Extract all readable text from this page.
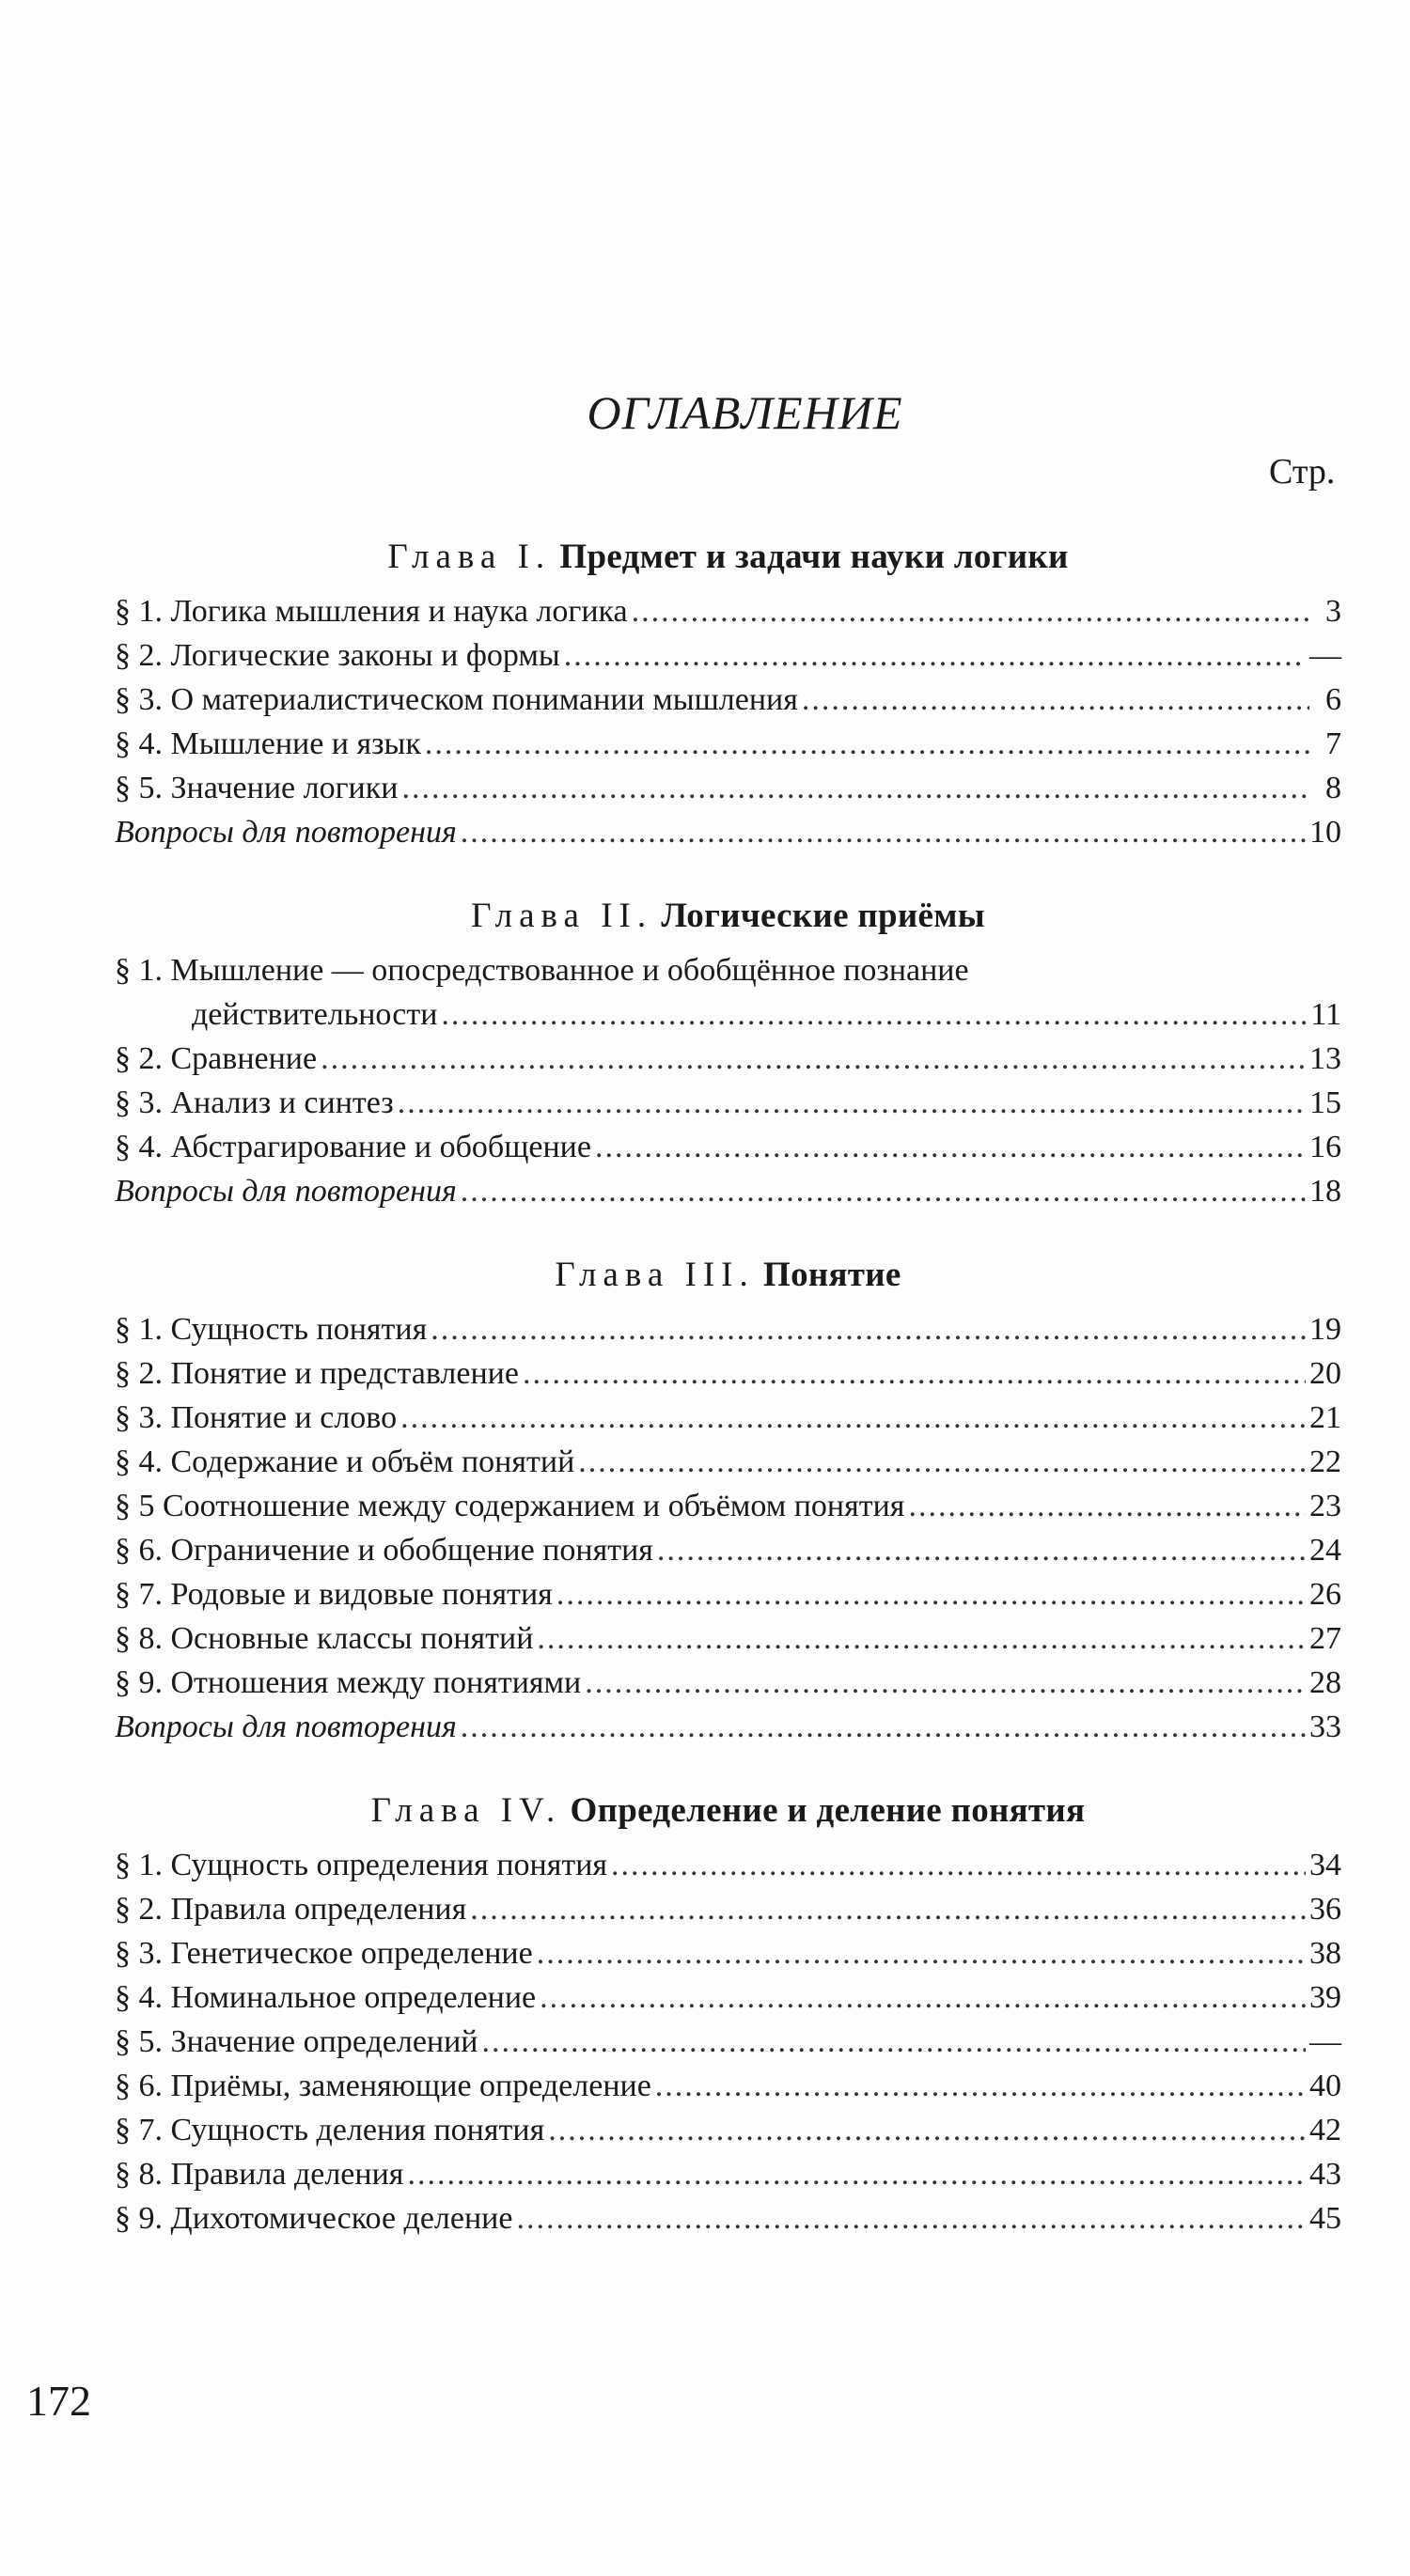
ОГЛАВЛЕНИЕ
Стр.
Глава I. Предмет и задачи науки логики
§ 1. Логика мышления и наука логика .....	3
§ 2. Логические законы и формы .....	—
§ 3. О материалистическом понимании мышления .....	6
§ 4. Мышление и язык .....	7
§ 5. Значение логики .....	8
Вопросы для повторения .....	10
Глава II. Логические приёмы
§ 1. Мышление — опосредствованное и обобщённое познание
действительности .....	11
§ 2. Сравнение .....	13
§ 3. Анализ и синтез .....	15
§ 4. Абстрагирование и обобщение .....	16
Вопросы для повторения .....	18
Глава III. Понятие
§ 1. Сущность понятия .....	19
§ 2. Понятие и представление .....	20
§ 3. Понятие и слово .....	21
§ 4. Содержание и объём понятий .....	22
§ 5 Соотношение между содержанием и объёмом понятия .....	23
§ 6. Ограничение и обобщение понятия .....	24
§ 7. Родовые и видовые понятия .....	26
§ 8. Основные классы понятий .....	27
§ 9. Отношения между понятиями .....	28
Вопросы для повторения .....	33
Глава IV. Определение и деление понятия
§ 1. Сущность определения понятия .....	34
§ 2. Правила определения .....	36
§ 3. Генетическое определение .....	38
§ 4. Номинальное определение .....	39
§ 5. Значение определений .....	—
§ 6. Приёмы, заменяющие определение .....	40
§ 7. Сущность деления понятия .....	42
§ 8. Правила деления .....	43
§ 9. Дихотомическое деление .....	45
172
